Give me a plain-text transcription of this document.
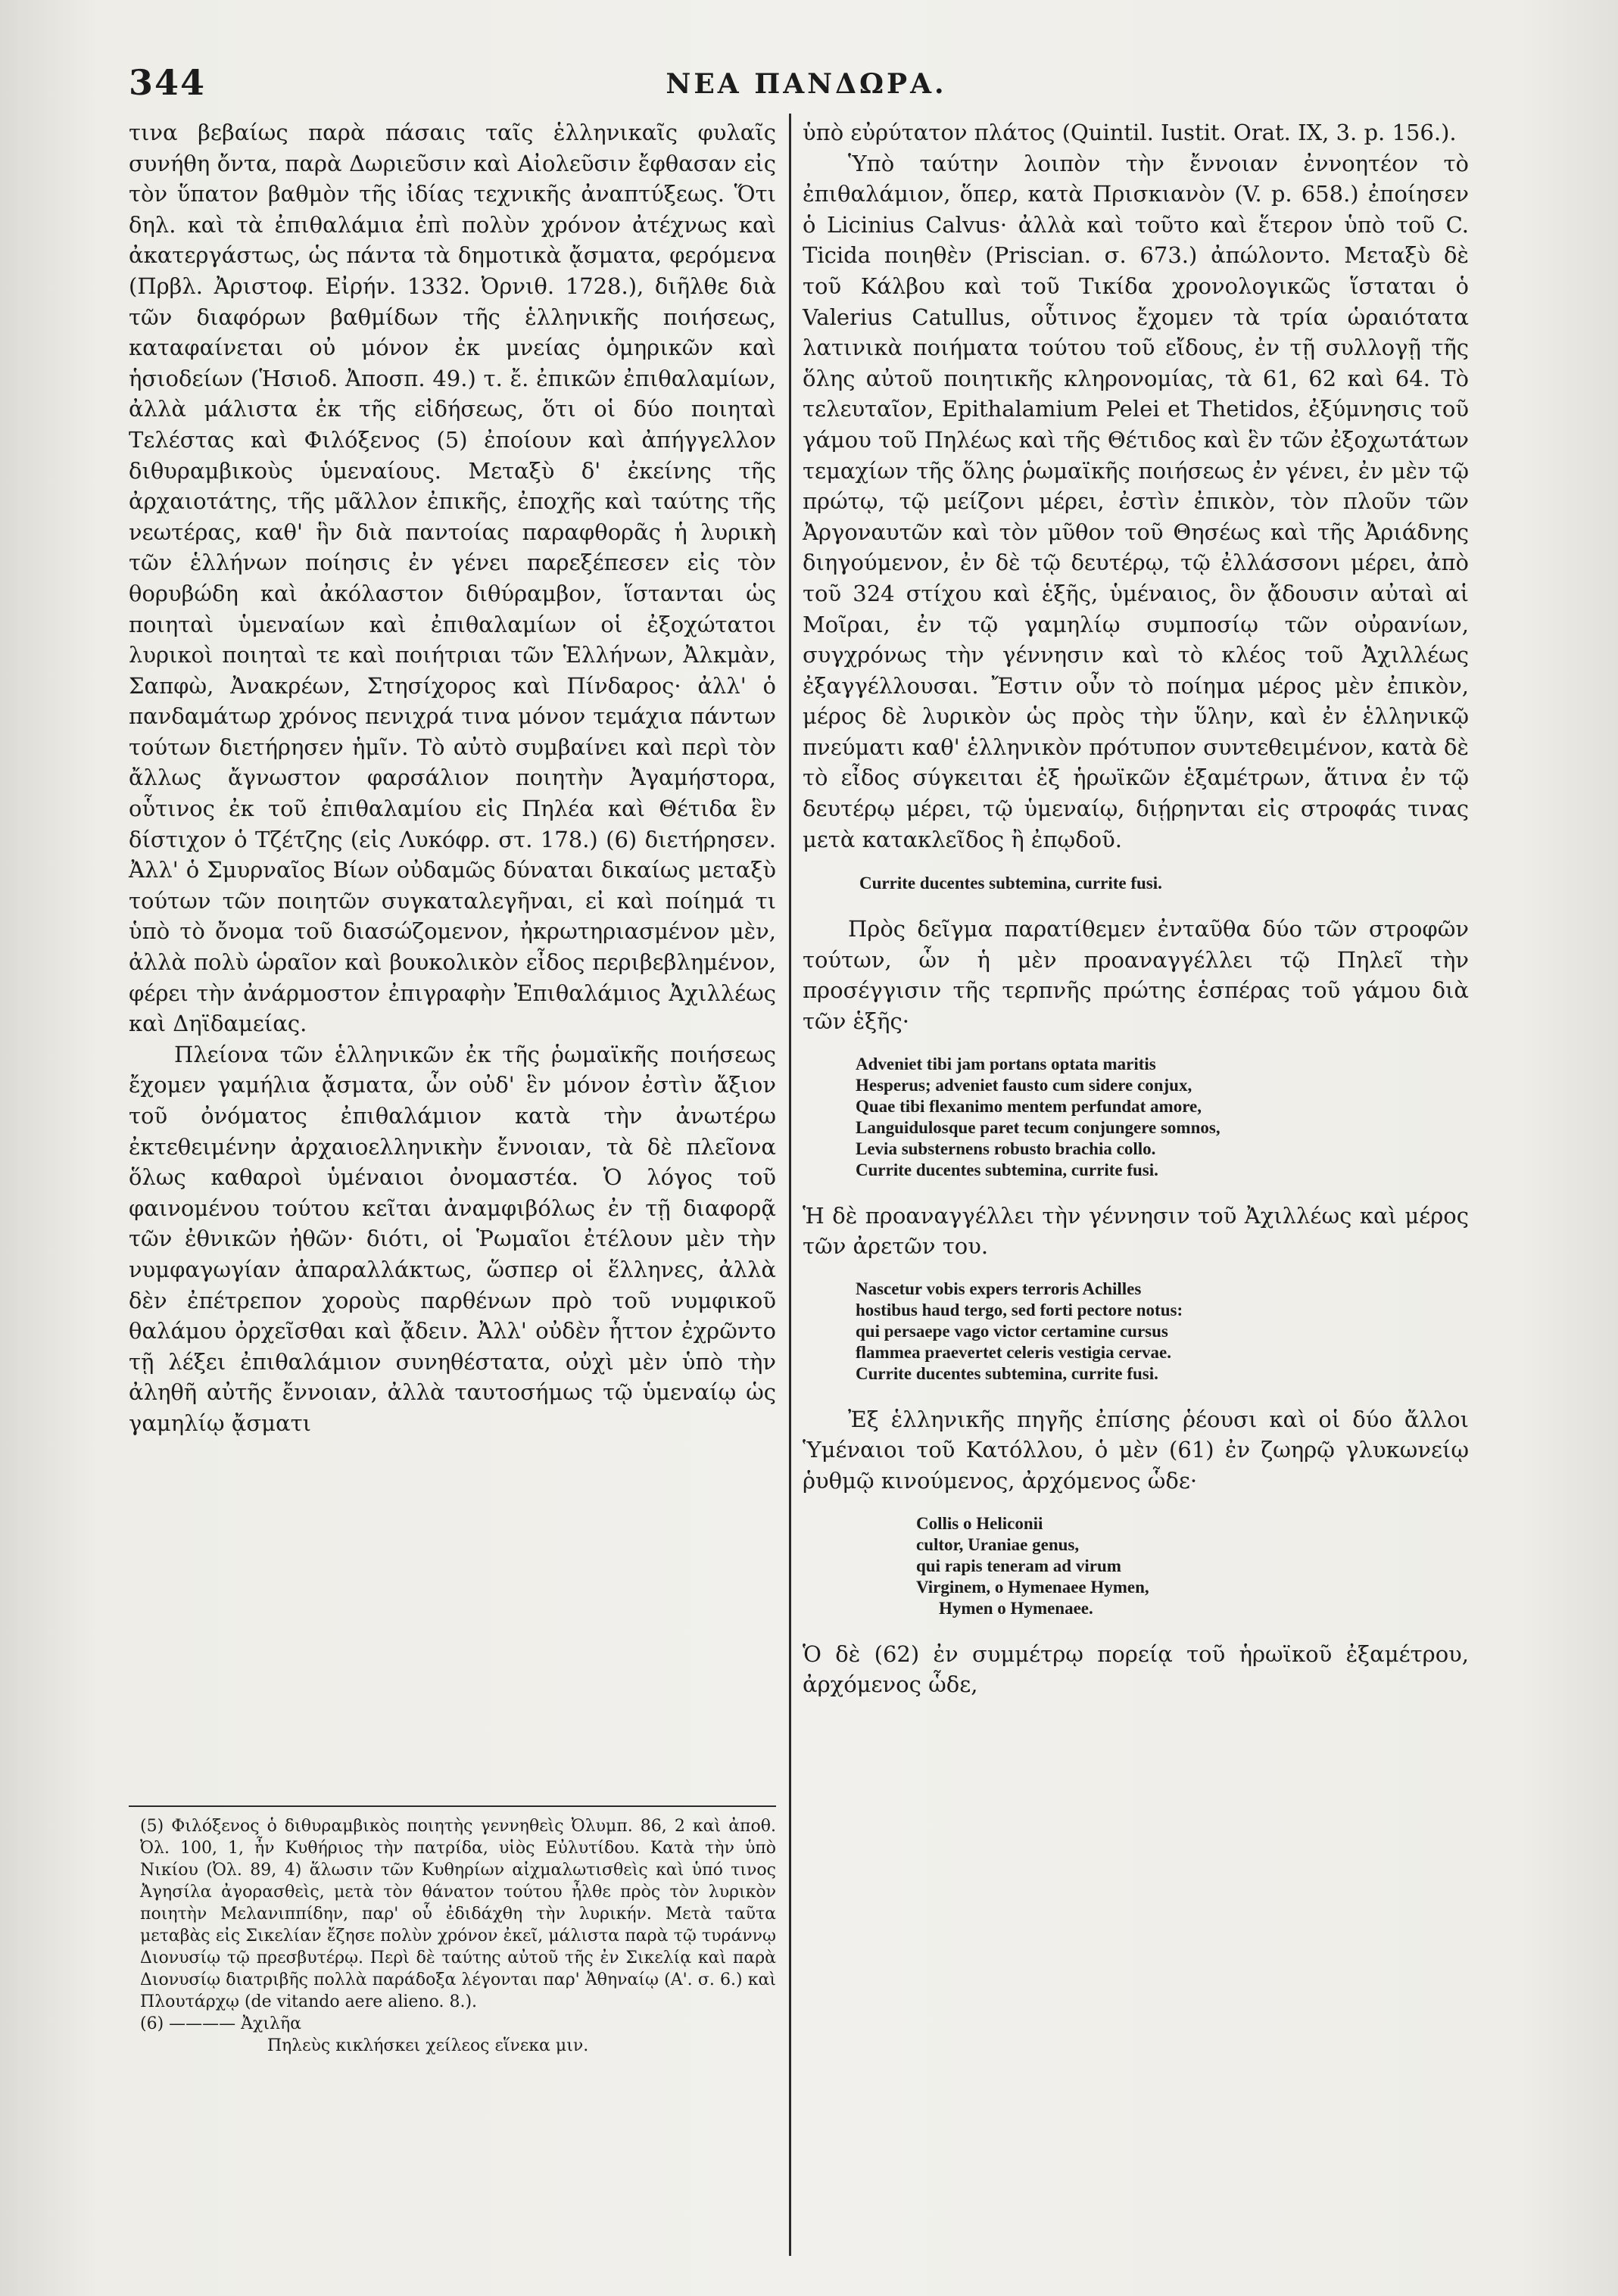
344	ΝΕΑ ΠΑΝΔΩΡΑ.

τινα βεβαίως παρὰ πάσαις ταῖς ἑλληνικαῖς φυλαῖς συνήθη ὄντα, παρὰ Δωριεῦσιν καὶ Αἰολεῦσιν ἔφθασαν εἰς τὸν ὕπατον βαθμὸν τῆς ἰδίας τεχνικῆς ἀναπτύξεως. Ὅτι δηλ. καὶ τὰ ἐπιθαλάμια ἐπὶ πολὺν χρόνον ἀτέχνως καὶ ἀκατεργάστως, ὡς πάντα τὰ δημοτικὰ ᾄσματα, φερόμενα (Πρβλ. Ἀριστοφ. Εἰρήν. 1332. Ὀρνιθ. 1728.), διῆλθε διὰ τῶν διαφόρων βαθμίδων τῆς ἑλληνικῆς ποιήσεως, καταφαίνεται οὐ μόνον ἐκ μνείας ὁμηρικῶν καὶ ἡσιοδείων (Ἡσιοδ. Ἀποσπ. 49.) τ. ἔ. ἐπικῶν ἐπιθαλαμίων, ἀλλὰ μάλιστα ἐκ τῆς εἰδήσεως, ὅτι οἱ δύο ποιηταὶ Τελέστας καὶ Φιλόξενος (5) ἐποίουν καὶ ἀπήγγελλον διθυραμβικοὺς ὑμεναίους. Μεταξὺ δ' ἐκείνης τῆς ἀρχαιοτάτης, τῆς μᾶλλον ἐπικῆς, ἐποχῆς καὶ ταύτης τῆς νεωτέρας, καθ' ἣν διὰ παντοίας παραφθορᾶς ἡ λυρικὴ τῶν ἑλλήνων ποίησις ἐν γένει παρεξέπεσεν εἰς τὸν θορυβώδη καὶ ἀκόλαστον διθύραμβον, ἵστανται ὡς ποιηταὶ ὑμεναίων καὶ ἐπιθαλαμίων οἱ ἐξοχώτατοι λυρικοὶ ποιηταὶ τε καὶ ποιήτριαι τῶν Ἑλλήνων, Ἀλκμὰν, Σαπφὼ, Ἀνακρέων, Στησίχορος καὶ Πίνδαρος· ἀλλ' ὁ πανδαμάτωρ χρόνος πενιχρά τινα μόνον τεμάχια πάντων τούτων διετήρησεν ἡμῖν. Τὸ αὐτὸ συμβαίνει καὶ περὶ τὸν ἄλλως ἄγνωστον φαρσάλιον ποιητὴν Ἀγαμήστορα, οὗτινος ἐκ τοῦ ἐπιθαλαμίου εἰς Πηλέα καὶ Θέτιδα ἓν δίστιχον ὁ Τζέτζης (εἰς Λυκόφρ. στ. 178.) (6) διετήρησεν. Ἀλλ' ὁ Σμυρναῖος Βίων οὐδαμῶς δύναται δικαίως μεταξὺ τούτων τῶν ποιητῶν συγκαταλεγῆναι, εἰ καὶ ποίημά τι ὑπὸ τὸ ὄνομα τοῦ διασώζομενον, ἠκρωτηριασμένον μὲν, ἀλλὰ πολὺ ὡραῖον καὶ βουκολικὸν εἶδος περιβεβλημένον, φέρει τὴν ἀνάρμοστον ἐπιγραφὴν Ἐπιθαλάμιος Ἀχιλλέως καὶ Δηϊδαμείας.

Πλείονα τῶν ἑλληνικῶν ἐκ τῆς ῥωμαϊκῆς ποιήσεως ἔχομεν γαμήλια ᾄσματα, ὧν οὐδ' ἓν μόνον ἐστὶν ἄξιον τοῦ ὀνόματος ἐπιθαλάμιον κατὰ τὴν ἀνωτέρω ἐκτεθειμένην ἀρχαιοελληνικὴν ἔννοιαν, τὰ δὲ πλεῖονα ὅλως καθαροὶ ὑμέναιοι ὀνομαστέα. Ὁ λόγος τοῦ φαινομένου τούτου κεῖται ἀναμφιβόλως ἐν τῇ διαφορᾷ τῶν ἐθνικῶν ἠθῶν· διότι, οἱ Ῥωμαῖοι ἐτέλουν μὲν τὴν νυμφαγωγίαν ἀπαραλλάκτως, ὥσπερ οἱ ἕλληνες, ἀλλὰ δὲν ἐπέτρεπον χοροὺς παρθένων πρὸ τοῦ νυμφικοῦ θαλάμου ὀρχεῖσθαι καὶ ᾄδειν. Ἀλλ' οὐδὲν ἧττον ἐχρῶντο τῇ λέξει ἐπιθαλάμιον συνηθέστατα, οὐχὶ μὲν ὑπὸ τὴν ἀληθῆ αὐτῆς ἔννοιαν, ἀλλὰ ταυτοσήμως τῷ ὑμεναίῳ ὡς γαμηλίῳ ᾄσματι

(5) Φιλόξενος ὁ διθυραμβικὸς ποιητὴς γεννηθεὶς Ὀλυμπ. 86, 2 καὶ ἀποθ. Ὀλ. 100, 1, ἦν Κυθήριος τὴν πατρίδα, υἱὸς Εὐλυτίδου. Κατὰ τὴν ὑπὸ Νικίου (Ὀλ. 89, 4) ἅλωσιν τῶν Κυθηρίων αἰχμαλωτισθεὶς καὶ ὑπό τινος Ἀγησίλα ἀγορασθεὶς, μετὰ τὸν θάνατον τούτου ἦλθε πρὸς τὸν λυρικὸν ποιητὴν Μελανιππίδην, παρ' οὗ ἐδιδάχθη τὴν λυρικήν. Μετὰ ταῦτα μεταβὰς εἰς Σικελίαν ἔζησε πολὺν χρόνον ἐκεῖ, μάλιστα παρὰ τῷ τυράννῳ Διονυσίῳ τῷ πρεσβυτέρῳ. Περὶ δὲ ταύτης αὐτοῦ τῆς ἐν Σικελίᾳ καὶ παρὰ Διονυσίῳ διατριβῆς πολλὰ παράδοξα λέγονται παρ' Ἀθηναίῳ (Α'. σ. 6.) καὶ Πλουτάρχῳ (de vitando aere alieno. 8.).

(6) ———— Ἀχιλῆα

Πηλεὺς κικλήσκει χείλεος εἵνεκα μιν.

ὑπὸ εὐρύτατον πλάτος (Quintil. Iustit. Orat. IX, 3. p. 156.).

Ὑπὸ ταύτην λοιπὸν τὴν ἔννοιαν ἐννοητέον τὸ ἐπιθαλάμιον, ὅπερ, κατὰ Πρισκιανὸν (V. p. 658.) ἐποίησεν ὁ Licinius Calvus· ἀλλὰ καὶ τοῦτο καὶ ἕτερον ὑπὸ τοῦ C. Ticida ποιηθὲν (Priscian. σ. 673.) ἀπώλοντο. Μεταξὺ δὲ τοῦ Κάλβου καὶ τοῦ Τικίδα χρονολογικῶς ἵσταται ὁ Valerius Catullus, οὗτινος ἔχομεν τὰ τρία ὡραιότατα λατινικὰ ποιήματα τούτου τοῦ εἴδους, ἐν τῇ συλλογῇ τῆς ὅλης αὐτοῦ ποιητικῆς κληρονομίας, τὰ 61, 62 καὶ 64. Τὸ τελευταῖον, Epithalamium Pelei et Thetidos, ἐξύμνησις τοῦ γάμου τοῦ Πηλέως καὶ τῆς Θέτιδος καὶ ἓν τῶν ἐξοχωτάτων τεμαχίων τῆς ὅλης ῥωμαϊκῆς ποιήσεως ἐν γένει, ἐν μὲν τῷ πρώτῳ, τῷ μείζονι μέρει, ἐστὶν ἐπικὸν, τὸν πλοῦν τῶν Ἀργοναυτῶν καὶ τὸν μῦθον τοῦ Θησέως καὶ τῆς Ἀριάδνης διηγούμενον, ἐν δὲ τῷ δευτέρῳ, τῷ ἐλλάσσονι μέρει, ἀπὸ τοῦ 324 στίχου καὶ ἑξῆς, ὑμέναιος, ὃν ᾄδουσιν αὐταὶ αἱ Μοῖραι, ἐν τῷ γαμηλίῳ συμποσίῳ τῶν οὐρανίων, συγχρόνως τὴν γέννησιν καὶ τὸ κλέος τοῦ Ἀχιλλέως ἐξαγγέλλουσαι. Ἔστιν οὖν τὸ ποίημα μέρος μὲν ἐπικὸν, μέρος δὲ λυρικὸν ὡς πρὸς τὴν ὕλην, καὶ ἐν ἑλληνικῷ πνεύματι καθ' ἑλληνικὸν πρότυπον συντεθειμένον, κατὰ δὲ τὸ εἶδος σύγκειται ἐξ ἡρωϊκῶν ἑξαμέτρων, ἅτινα ἐν τῷ δευτέρῳ μέρει, τῷ ὑμεναίῳ, διῄρηνται εἰς στροφάς τινας μετὰ κατακλεῖδος ἢ ἐπῳδοῦ.

Currite ducentes subtemina, currite fusi.

Πρὸς δεῖγμα παρατίθεμεν ἐνταῦθα δύο τῶν στροφῶν τούτων, ὧν ἡ μὲν προαναγγέλλει τῷ Πηλεῖ τὴν προσέγγισιν τῆς τερπνῆς πρώτης ἑσπέρας τοῦ γάμου διὰ τῶν ἑξῆς·

Adveniet tibi jam portans optata maritis

Hesperus; adveniet fausto cum sidere conjux,

Quae tibi flexanimo mentem perfundat amore,

Languidulosque paret tecum conjungere somnos,

Levia substernens robusto brachia collo.

Currite ducentes subtemina, currite fusi.

Ἡ δὲ προαναγγέλλει τὴν γέννησιν τοῦ Ἀχιλλέως καὶ μέρος τῶν ἀρετῶν του.

Nascetur vobis expers terroris Achilles

hostibus haud tergo, sed forti pectore notus:

qui persaepe vago victor certamine cursus

flammea praevertet celeris vestigia cervae.

Currite ducentes subtemina, currite fusi.

Ἐξ ἑλληνικῆς πηγῆς ἐπίσης ῥέουσι καὶ οἱ δύο ἄλλοι Ὑμέναιοι τοῦ Κατόλλου, ὁ μὲν (61) ἐν ζωηρῷ γλυκωνείῳ ῥυθμῷ κινούμενος, ἀρχόμενος ὧδε·

Collis o Heliconii

cultor, Uraniae genus,

qui rapis teneram ad virum

Virginem, o Hymenaee Hymen,

Hymen o Hymenaee.

Ὁ δὲ (62) ἐν συμμέτρῳ πορείᾳ τοῦ ἡρωϊκοῦ ἐξαμέτρου, ἀρχόμενος ὧδε,
